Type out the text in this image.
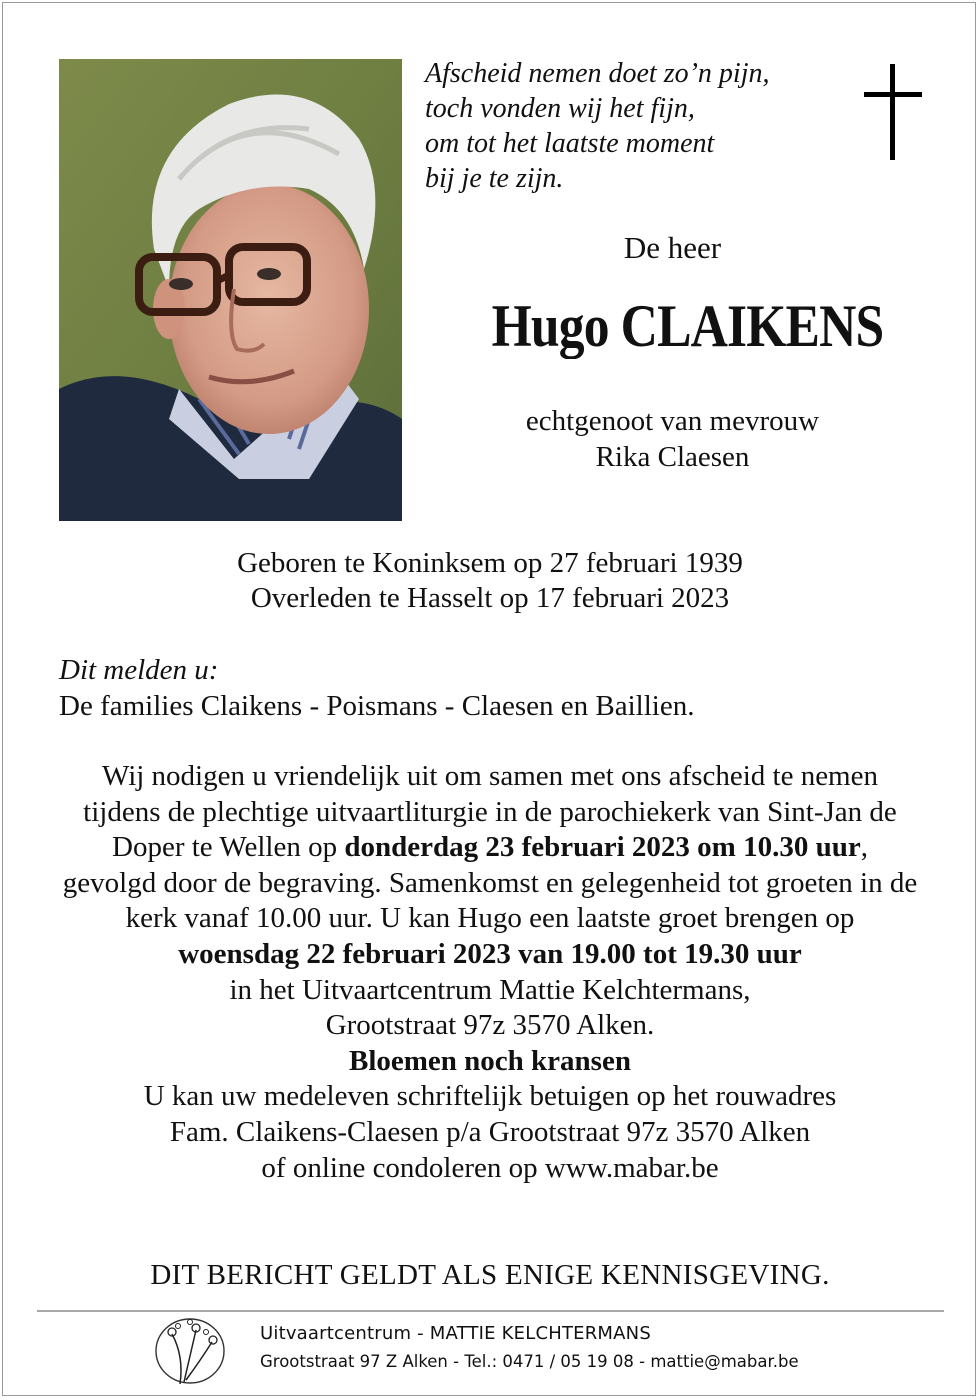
Afscheid nemen doet zo’n pijn,
toch vonden wij het fijn,
om tot het laatste moment
bij je te zijn.
De heer
Hugo CLAIKENS
echtgenoot van mevrouw
Rika Claesen
Geboren te Koninksem op 27 februari 1939
Overleden te Hasselt op 17 februari 2023
Dit melden u:
De families Claikens - Poismans - Claesen en Baillien.
Wij nodigen u vriendelijk uit om samen met ons afscheid te nemen tijdens de plechtige uitvaartliturgie in de parochiekerk van Sint-Jan de Doper te Wellen op donderdag 23 februari 2023 om 10.30 uur, gevolgd door de begraving. Samenkomst en gelegenheid tot groeten in de kerk vanaf 10.00 uur. U kan Hugo een laatste groet brengen op woensdag 22 februari 2023 van 19.00 tot 19.30 uur
in het Uitvaartcentrum Mattie Kelchtermans,
Grootstraat 97z 3570 Alken.
Bloemen noch kransen
U kan uw medeleven schriftelijk betuigen op het rouwadres
Fam. Claikens-Claesen p/a Grootstraat 97z 3570 Alken
of online condoleren op www.mabar.be
DIT BERICHT GELDT ALS ENIGE KENNISGEVING.
Uitvaartcentrum - MATTIE KELCHTERMANS
Grootstraat 97 Z Alken - Tel.: 0471 / 05 19 08 - mattie@mabar.be
